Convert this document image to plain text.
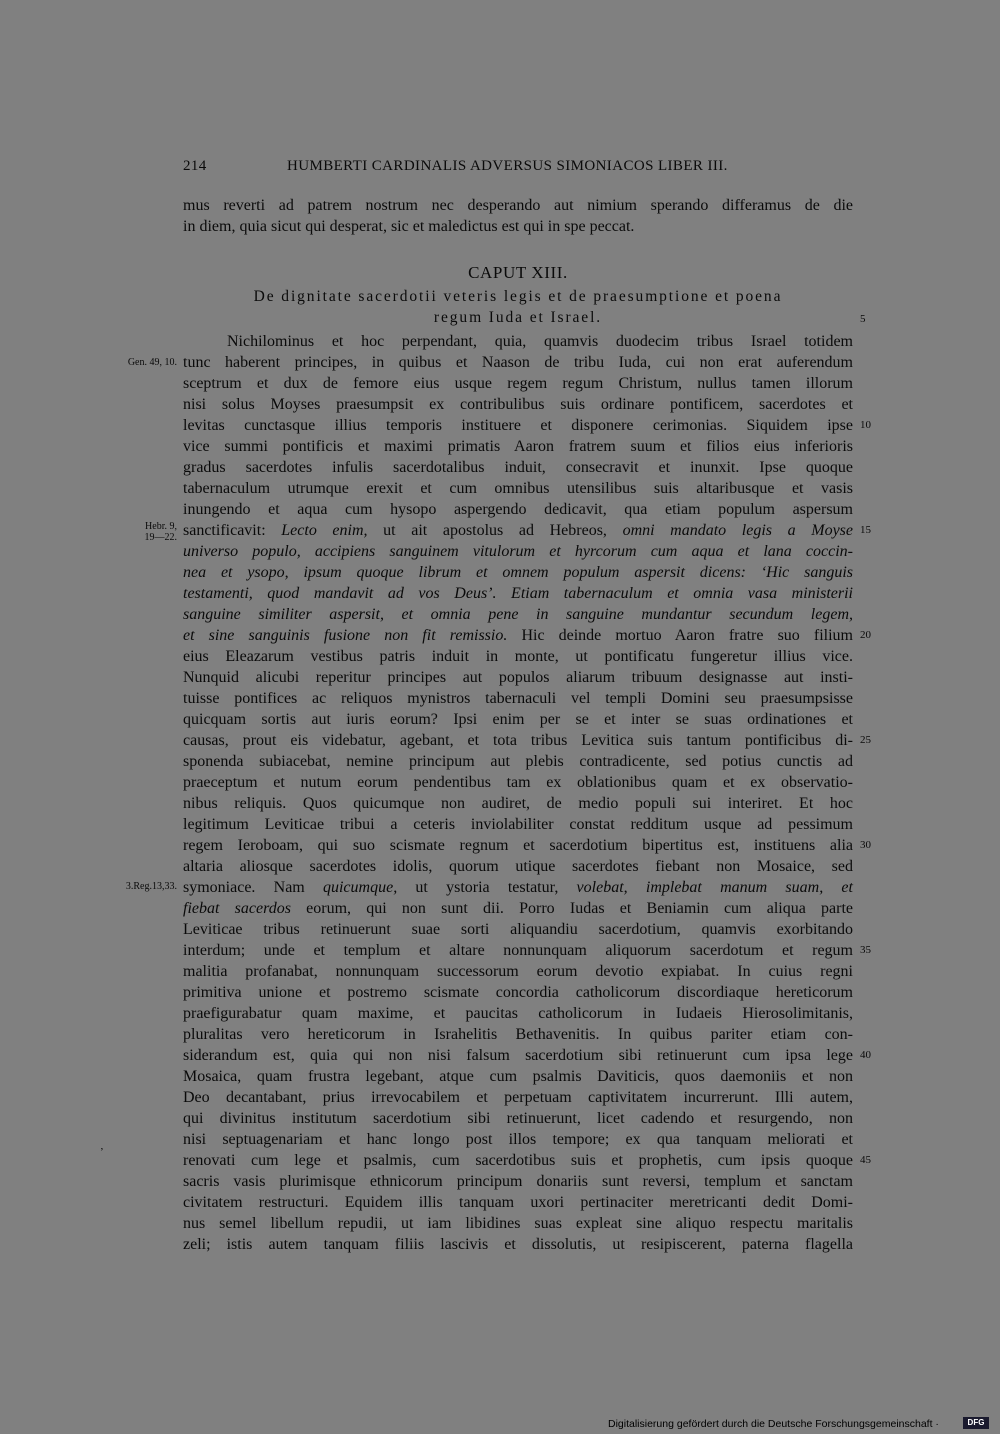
214	HUMBERTI CARDINALIS ADVERSUS SIMONIACOS LIBER III.
mus reverti ad patrem nostrum nec desperando aut nimium sperando differamus de die
in diem, quia sicut qui desperat, sic et maledictus est qui in spe peccat.
CAPUT XIII.
De dignitate sacerdotii veteris legis et de praesumptione et poena
regum Iuda et Israel.
Nichilominus et hoc perpendant, quia, quamvis duodecim tribus Israel totidem
tunc haberent principes, in quibus et Naason de tribu Iuda, cui non erat auferendum
sceptrum et dux de femore eius usque regem regum Christum, nullus tamen illorum
nisi solus Moyses praesumpsit ex contribulibus suis ordinare pontificem, sacerdotes et
levitas cunctasque illius temporis instituere et disponere cerimonias. Siquidem ipse
vice summi pontificis et maximi primatis Aaron fratrem suum et filios eius inferioris
gradus sacerdotes infulis sacerdotalibus induit, consecravit et inunxit. Ipse quoque
tabernaculum utrumque erexit et cum omnibus utensilibus suis altaribusque et vasis
inungendo et aqua cum hysopo aspergendo dedicavit, qua etiam populum aspersum
sanctificavit: Lecto enim, ut ait apostolus ad Hebreos, omni mandato legis a Moyse
universo populo, accipiens sanguinem vitulorum et hyrcorum cum aqua et lana coccin-
nea et ysopo, ipsum quoque librum et omnem populum aspersit dicens: ‘Hic sanguis
testamenti, quod mandavit ad vos Deus’. Etiam tabernaculum et omnia vasa ministerii
sanguine similiter aspersit, et omnia pene in sanguine mundantur secundum legem,
et sine sanguinis fusione non fit remissio. Hic deinde mortuo Aaron fratre suo filium
eius Eleazarum vestibus patris induit in monte, ut pontificatu fungeretur illius vice.
Nunquid alicubi reperitur principes aut populos aliarum tribuum designasse aut insti-
tuisse pontifices ac reliquos mynistros tabernaculi vel templi Domini seu praesumpsisse
quicquam sortis aut iuris eorum? Ipsi enim per se et inter se suas ordinationes et
causas, prout eis videbatur, agebant, et tota tribus Levitica suis tantum pontificibus di-
sponenda subiacebat, nemine principum aut plebis contradicente, sed potius cunctis ad
praeceptum et nutum eorum pendentibus tam ex oblationibus quam et ex observatio-
nibus reliquis. Quos quicumque non audiret, de medio populi sui interiret. Et hoc
legitimum Leviticae tribui a ceteris inviolabiliter constat redditum usque ad pessimum
regem Ieroboam, qui suo scismate regnum et sacerdotium bipertitus est, instituens alia
altaria aliosque sacerdotes idolis, quorum utique sacerdotes fiebant non Mosaice, sed
symoniace. Nam quicumque, ut ystoria testatur, volebat, implebat manum suam, et
fiebat sacerdos eorum, qui non sunt dii. Porro Iudas et Beniamin cum aliqua parte
Leviticae tribus retinuerunt suae sorti aliquandiu sacerdotium, quamvis exorbitando
interdum; unde et templum et altare nonnunquam aliquorum sacerdotum et regum
malitia profanabat, nonnunquam successorum eorum devotio expiabat. In cuius regni
primitiva unione et postremo scismate concordia catholicorum discordiaque hereticorum
praefigurabatur quam maxime, et paucitas catholicorum in Iudaeis Hierosolimitanis,
pluralitas vero hereticorum in Israhelitis Bethavenitis. In quibus pariter etiam con-
siderandum est, quia qui non nisi falsum sacerdotium sibi retinuerunt cum ipsa lege
Mosaica, quam frustra legebant, atque cum psalmis Daviticis, quos daemoniis et non
Deo decantabant, prius irrevocabilem et perpetuam captivitatem incurrerunt. Illi autem,
qui divinitus institutum sacerdotium sibi retinuerunt, licet cadendo et resurgendo, non
nisi septuagenariam et hanc longo post illos tempore; ex qua tanquam meliorati et
renovati cum lege et psalmis, cum sacerdotibus suis et prophetis, cum ipsis quoque
sacris vasis plurimisque ethnicorum principum donariis sunt reversi, templum et sanctam
civitatem restructuri. Equidem illis tanquam uxori pertinaciter meretricanti dedit Domi-
nus semel libellum repudii, ut iam libidines suas expleat sine aliquo respectu maritalis
zeli; istis autem tanquam filiis lascivis et dissolutis, ut resipiscerent, paterna flagella
5
10
15
20
25
30
35
40
45
Gen. 49, 10.
Hebr. 9,
19—22.
3.Reg.13,33.
’
Digitalisierung gefördert durch die Deutsche Forschungsgemeinschaft ·	DFG
